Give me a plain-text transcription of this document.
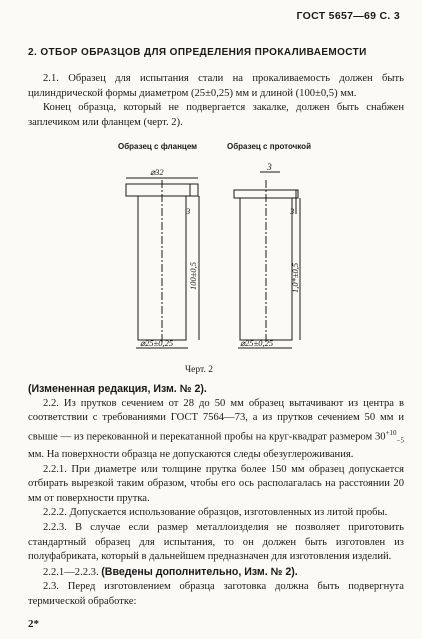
ГОСТ 5657—69 С. 3
2. ОТБОР ОБРАЗЦОВ ДЛЯ ОПРЕДЕЛЕНИЯ ПРОКАЛИВАЕМОСТИ

2.1. Образец для испытания стали на прокаливаемость должен быть цилиндрической формы диаметром (25±0,25) мм и длиной (100±0,5) мм.

Конец образца, который не подвергается закалке, должен быть снабжен заплечиком или фланцем (черт. 2).

Образец с фланцем	Образец с проточкой
⌀32
3
100±0,5
⌀25±0,25
3
3
1,0*±0,5
⌀25±0,25
Черт. 2

(Измененная редакция, Изм. № 2).

2.2. Из прутков сечением от 28 до 50 мм образец вытачивают из центра в соответствии с требованиями ГОСТ 7564—73, а из прутков сечением 50 мм и свыше — из перекованной и перекатанной пробы на круг-квадрат размером $30^{+10}_{-5}$ мм. На поверхности образца не допускаются следы обезуглероживания.

2.2.1. При диаметре или толщине прутка более 150 мм образец допускается отбирать вырезкой таким образом, чтобы его ось располагалась на расстоянии 20 мм от поверхности прутка.

2.2.2. Допускается использование образцов, изготовленных из литой пробы.

2.2.3. В случае если размер металлоизделия не позволяет приготовить стандартный образец для испытания, то он должен быть изготовлен из полуфабриката, который в дальнейшем предназначен для изготовления изделий.

2.2.1—2.2.3. (Введены дополнительно, Изм. № 2).

2.3. Перед изготовлением образца заготовка должна быть подвергнута термической обработке:

2*
